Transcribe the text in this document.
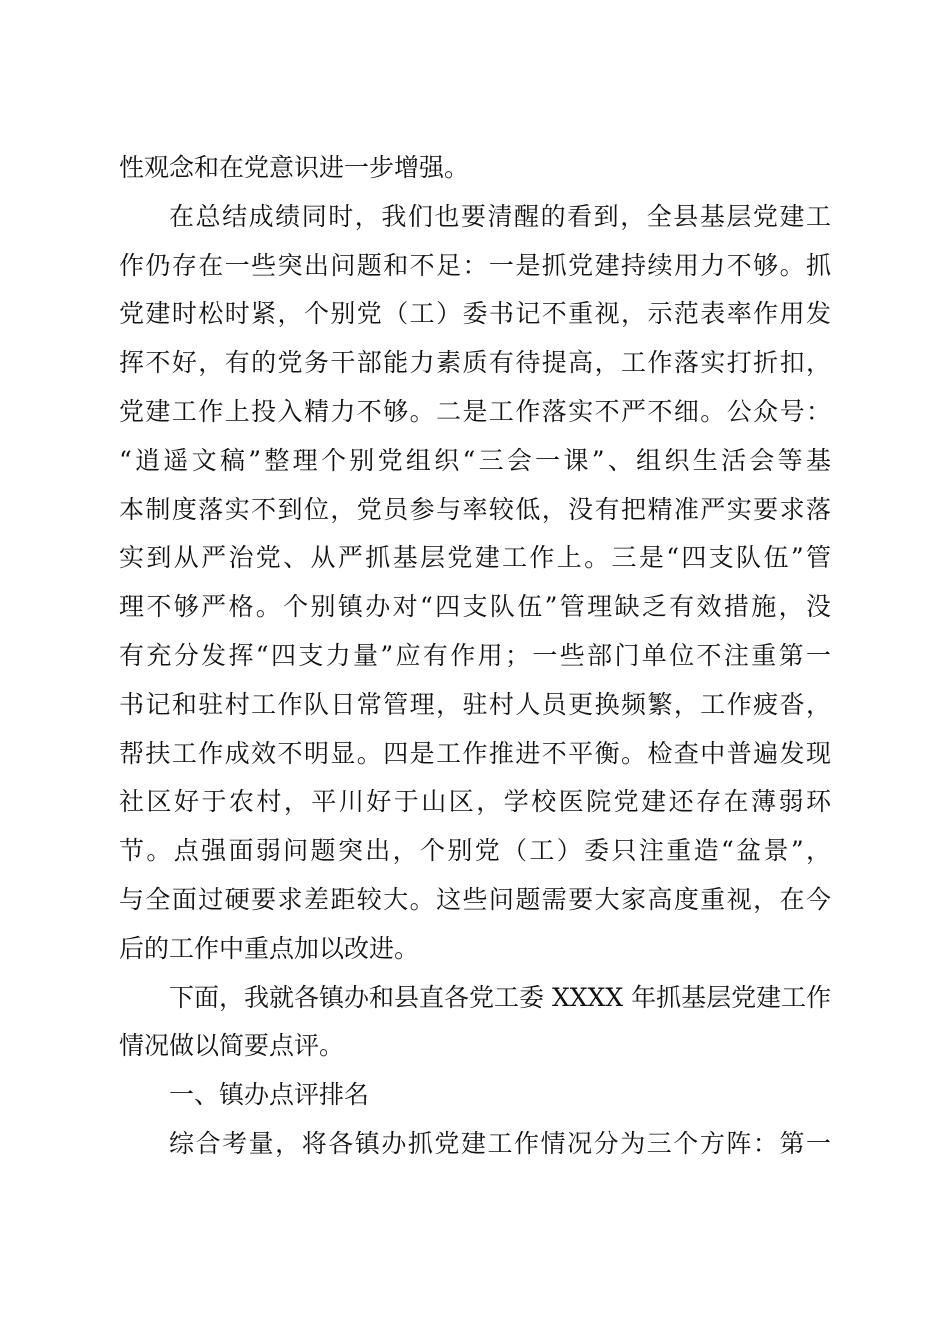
性观念和在党意识进一步增强。
在总结成绩同时，我们也要清醒的看到，全县基层党建工
作仍存在一些突出问题和不足：一是抓党建持续用力不够。抓
党建时松时紧，个别党（工）委书记不重视，示范表率作用发
挥不好，有的党务干部能力素质有待提高，工作落实打折扣，
党建工作上投入精力不够。二是工作落实不严不细。公众号：
“逍遥文稿”整理个别党组织“三会一课”、组织生活会等基
本制度落实不到位，党员参与率较低，没有把精准严实要求落
实到从严治党、从严抓基层党建工作上。三是“四支队伍”管
理不够严格。个别镇办对“四支队伍”管理缺乏有效措施，没
有充分发挥“四支力量”应有作用；一些部门单位不注重第一
书记和驻村工作队日常管理，驻村人员更换频繁，工作疲沓，
帮扶工作成效不明显。四是工作推进不平衡。检查中普遍发现
社区好于农村，平川好于山区，学校医院党建还存在薄弱环
节。点强面弱问题突出，个别党（工）委只注重造“盆景”，
与全面过硬要求差距较大。这些问题需要大家高度重视，在今
后的工作中重点加以改进。
下面，我就各镇办和县直各党工委 XXXX 年抓基层党建工作
情况做以简要点评。
一、镇办点评排名
综合考量，将各镇办抓党建工作情况分为三个方阵：第一
